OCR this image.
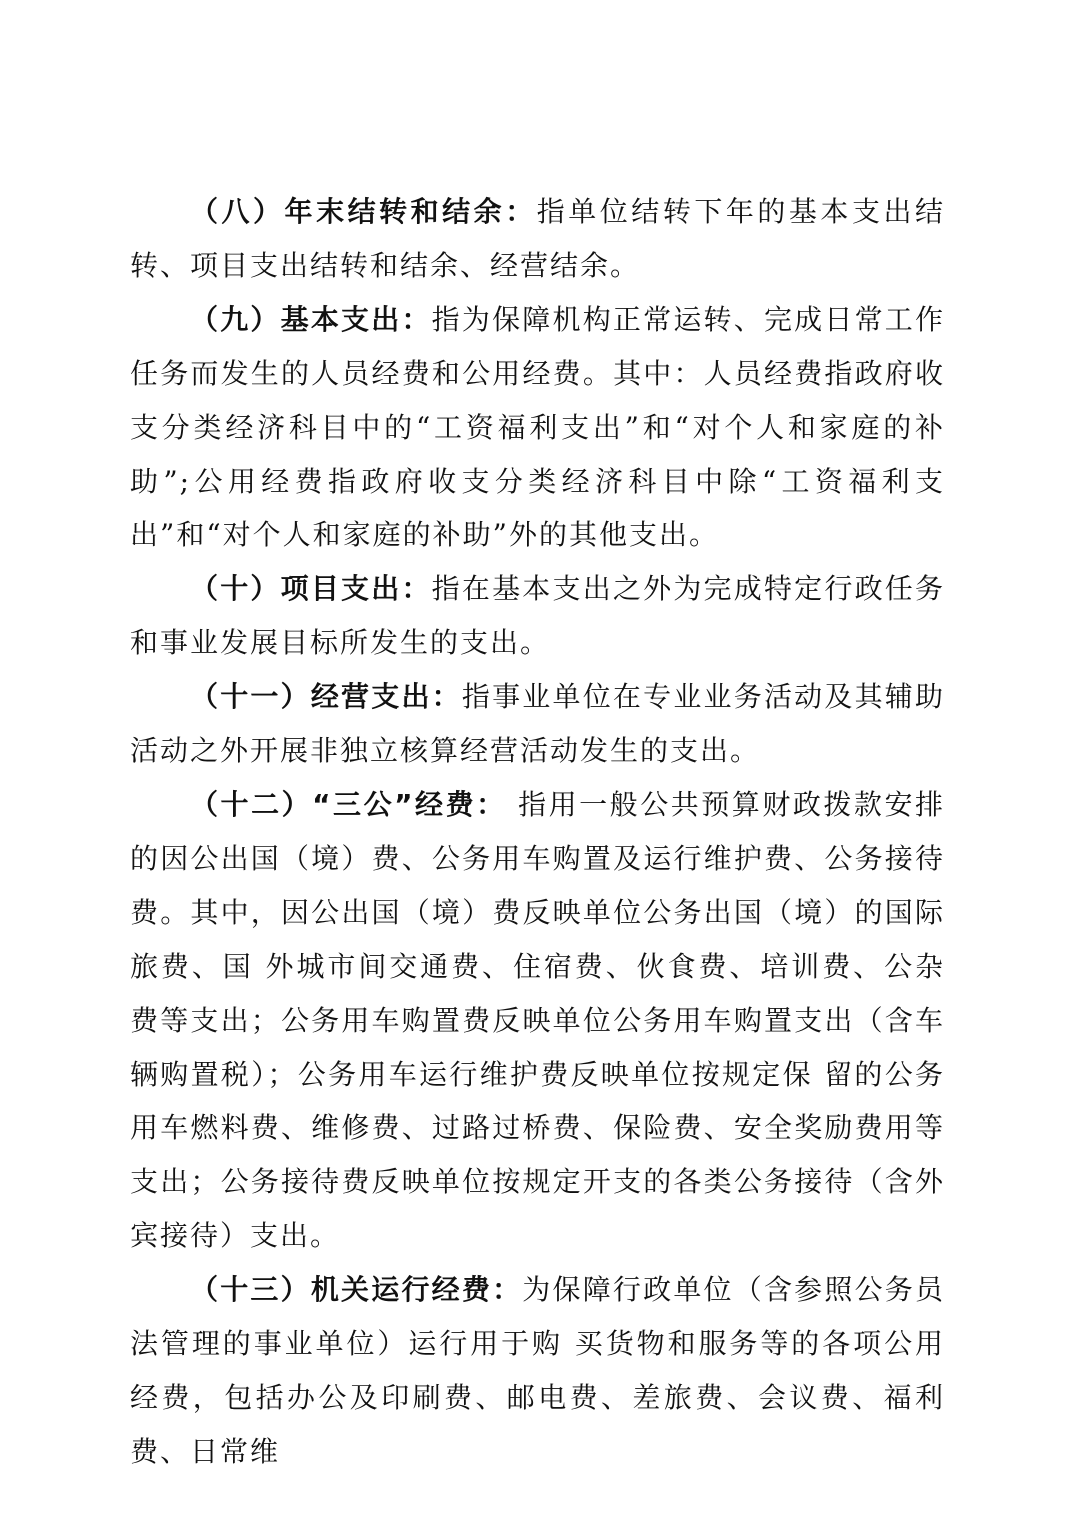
（八）年末结转和结余：指单位结转下年的基本支出结转、项目支出结转和结余、经营结余。

（九）基本支出：指为保障机构正常运转、完成日常工作任务而发生的人员经费和公用经费。其中：人员经费指政府收支分类经济科目中的“工资福利支出”和“对个人和家庭的补助”;公用经费指政府收支分类经济科目中除“工资福利支出”和“对个人和家庭的补助”外的其他支出。

（十）项目支出：指在基本支出之外为完成特定行政任务和事业发展目标所发生的支出。

（十一）经营支出：指事业单位在专业业务活动及其辅助活动之外开展非独立核算经营活动发生的支出。

（十二）“三公”经费： 指用一般公共预算财政拨款安排的因公出国（境）费、公务用车购置及运行维护费、公务接待费。其中，因公出国（境）费反映单位公务出国（境）的国际旅费、国 外城市间交通费、住宿费、伙食费、培训费、公杂费等支出；公务用车购置费反映单位公务用车购置支出（含车辆购置税）；公务用车运行维护费反映单位按规定保 留的公务用车燃料费、维修费、过路过桥费、保险费、安全奖励费用等支出；公务接待费反映单位按规定开支的各类公务接待（含外宾接待）支出。

（十三）机关运行经费：为保障行政单位（含参照公务员法管理的事业单位）运行用于购 买货物和服务等的各项公用经费，包括办公及印刷费、邮电费、差旅费、会议费、福利费、日常维
